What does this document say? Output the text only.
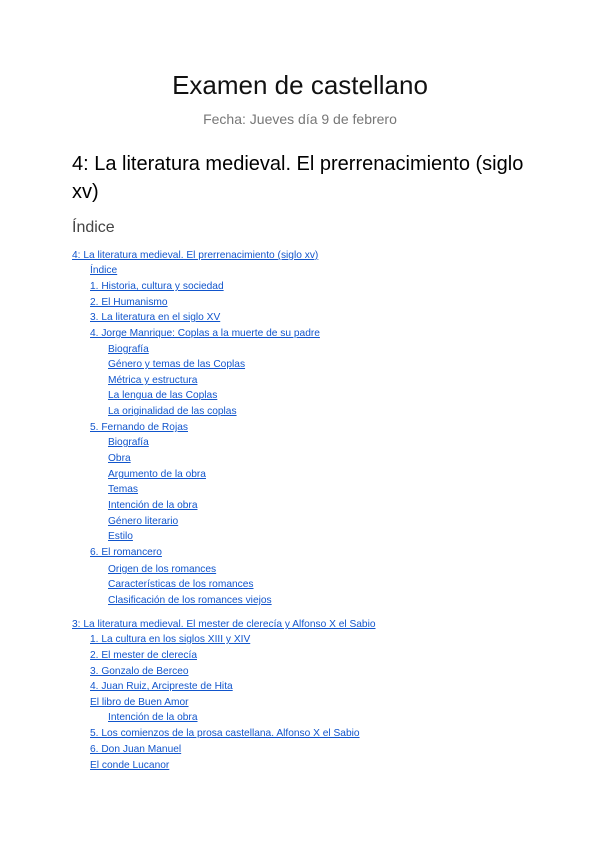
Examen de castellano

Fecha: Jueves día 9 de febrero

4: La literatura medieval. El prerrenacimiento (siglo xv)
Índice
4: La literatura medieval. El prerrenacimiento (siglo xv)
Índice
1. Historia, cultura y sociedad
2. El Humanismo
3. La literatura en el siglo XV
4. Jorge Manrique: Coplas a la muerte de su padre
Biografía
Género y temas de las Coplas
Métrica y estructura
La lengua de las Coplas
La originalidad de las coplas
5. Fernando de Rojas
Biografía
Obra
Argumento de la obra
Temas
Intención de la obra
Género literario
Estilo
6. El romancero
Origen de los romances
Características de los romances
Clasificación de los romances viejos
3: La literatura medieval. El mester de clerecía y Alfonso X el Sabio
1. La cultura en los siglos XIII y XIV
2. El mester de clerecía
3. Gonzalo de Berceo
4. Juan Ruiz, Arcipreste de Hita
El libro de Buen Amor
Intención de la obra
5. Los comienzos de la prosa castellana. Alfonso X el Sabio
6. Don Juan Manuel
El conde Lucanor
